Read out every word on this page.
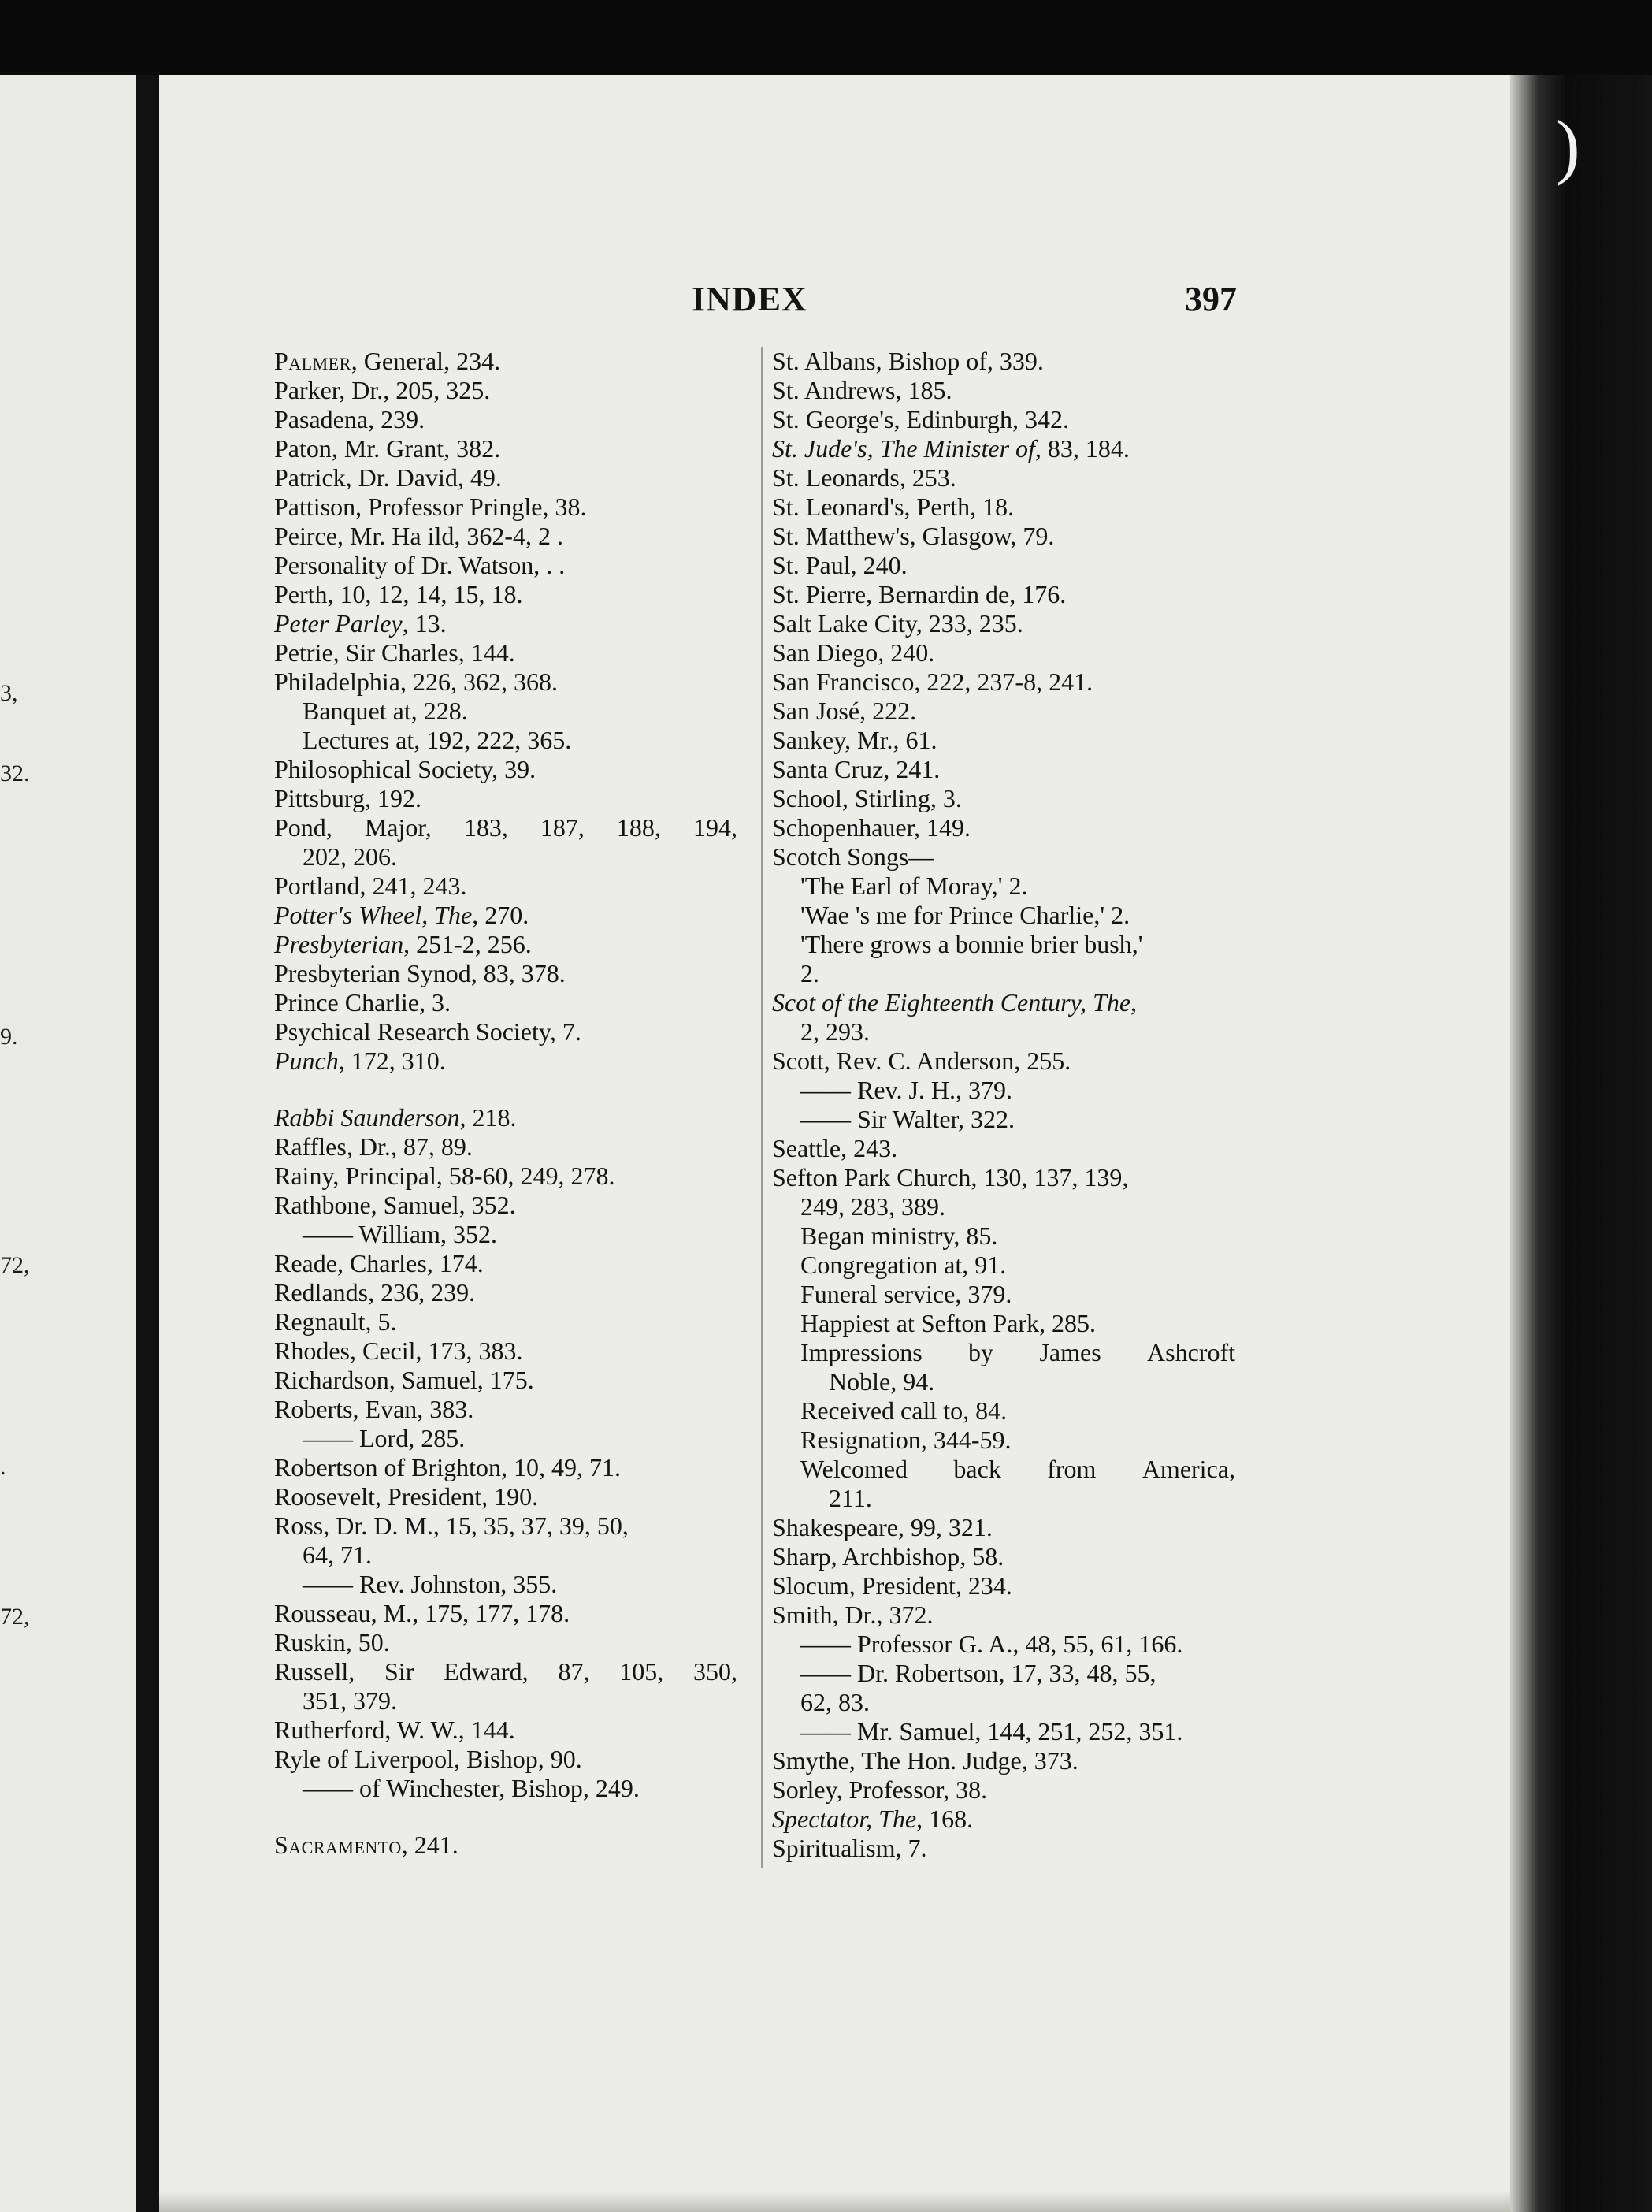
3,
32.
9.
72,
.
72,
)
INDEX	397
Palmer, General, 234.
Parker, Dr., 205, 325.
Pasadena, 239.
Paton, Mr. Grant, 382.
Patrick, Dr. David, 49.
Pattison, Professor Pringle, 38.
Peirce, Mr. Ha ild, 362-4, 2 .
Personality of Dr. Watson, . .
Perth, 10, 12, 14, 15, 18.
Peter Parley, 13.
Petrie, Sir Charles, 144.
Philadelphia, 226, 362, 368.
Banquet at, 228.
Lectures at, 192, 222, 365.
Philosophical Society, 39.
Pittsburg, 192.
Pond, Major, 183, 187, 188, 194,
202, 206.
Portland, 241, 243.
Potter's Wheel, The, 270.
Presbyterian, 251-2, 256.
Presbyterian Synod, 83, 378.
Prince Charlie, 3.
Psychical Research Society, 7.
Punch, 172, 310.
Rabbi Saunderson, 218.
Raffles, Dr., 87, 89.
Rainy, Principal, 58-60, 249, 278.
Rathbone, Samuel, 352.
—— William, 352.
Reade, Charles, 174.
Redlands, 236, 239.
Regnault, 5.
Rhodes, Cecil, 173, 383.
Richardson, Samuel, 175.
Roberts, Evan, 383.
—— Lord, 285.
Robertson of Brighton, 10, 49, 71.
Roosevelt, President, 190.
Ross, Dr. D. M., 15, 35, 37, 39, 50,
64, 71.
—— Rev. Johnston, 355.
Rousseau, M., 175, 177, 178.
Ruskin, 50.
Russell, Sir Edward, 87, 105, 350,
351, 379.
Rutherford, W. W., 144.
Ryle of Liverpool, Bishop, 90.
—— of Winchester, Bishop, 249.
Sacramento, 241.
St. Albans, Bishop of, 339.
St. Andrews, 185.
St. George's, Edinburgh, 342.
St. Jude's, The Minister of, 83, 184.
St. Leonards, 253.
St. Leonard's, Perth, 18.
St. Matthew's, Glasgow, 79.
St. Paul, 240.
St. Pierre, Bernardin de, 176.
Salt Lake City, 233, 235.
San Diego, 240.
San Francisco, 222, 237-8, 241.
San José, 222.
Sankey, Mr., 61.
Santa Cruz, 241.
School, Stirling, 3.
Schopenhauer, 149.
Scotch Songs—
'The Earl of Moray,' 2.
'Wae 's me for Prince Charlie,' 2.
'There grows a bonnie brier bush,'
2.
Scot of the Eighteenth Century, The,
2, 293.
Scott, Rev. C. Anderson, 255.
—— Rev. J. H., 379.
—— Sir Walter, 322.
Seattle, 243.
Sefton Park Church, 130, 137, 139,
249, 283, 389.
Began ministry, 85.
Congregation at, 91.
Funeral service, 379.
Happiest at Sefton Park, 285.
Impressions by James Ashcroft
Noble, 94.
Received call to, 84.
Resignation, 344-59.
Welcomed back from America,
211.
Shakespeare, 99, 321.
Sharp, Archbishop, 58.
Slocum, President, 234.
Smith, Dr., 372.
—— Professor G. A., 48, 55, 61, 166.
—— Dr. Robertson, 17, 33, 48, 55,
62, 83.
—— Mr. Samuel, 144, 251, 252, 351.
Smythe, The Hon. Judge, 373.
Sorley, Professor, 38.
Spectator, The, 168.
Spiritualism, 7.
